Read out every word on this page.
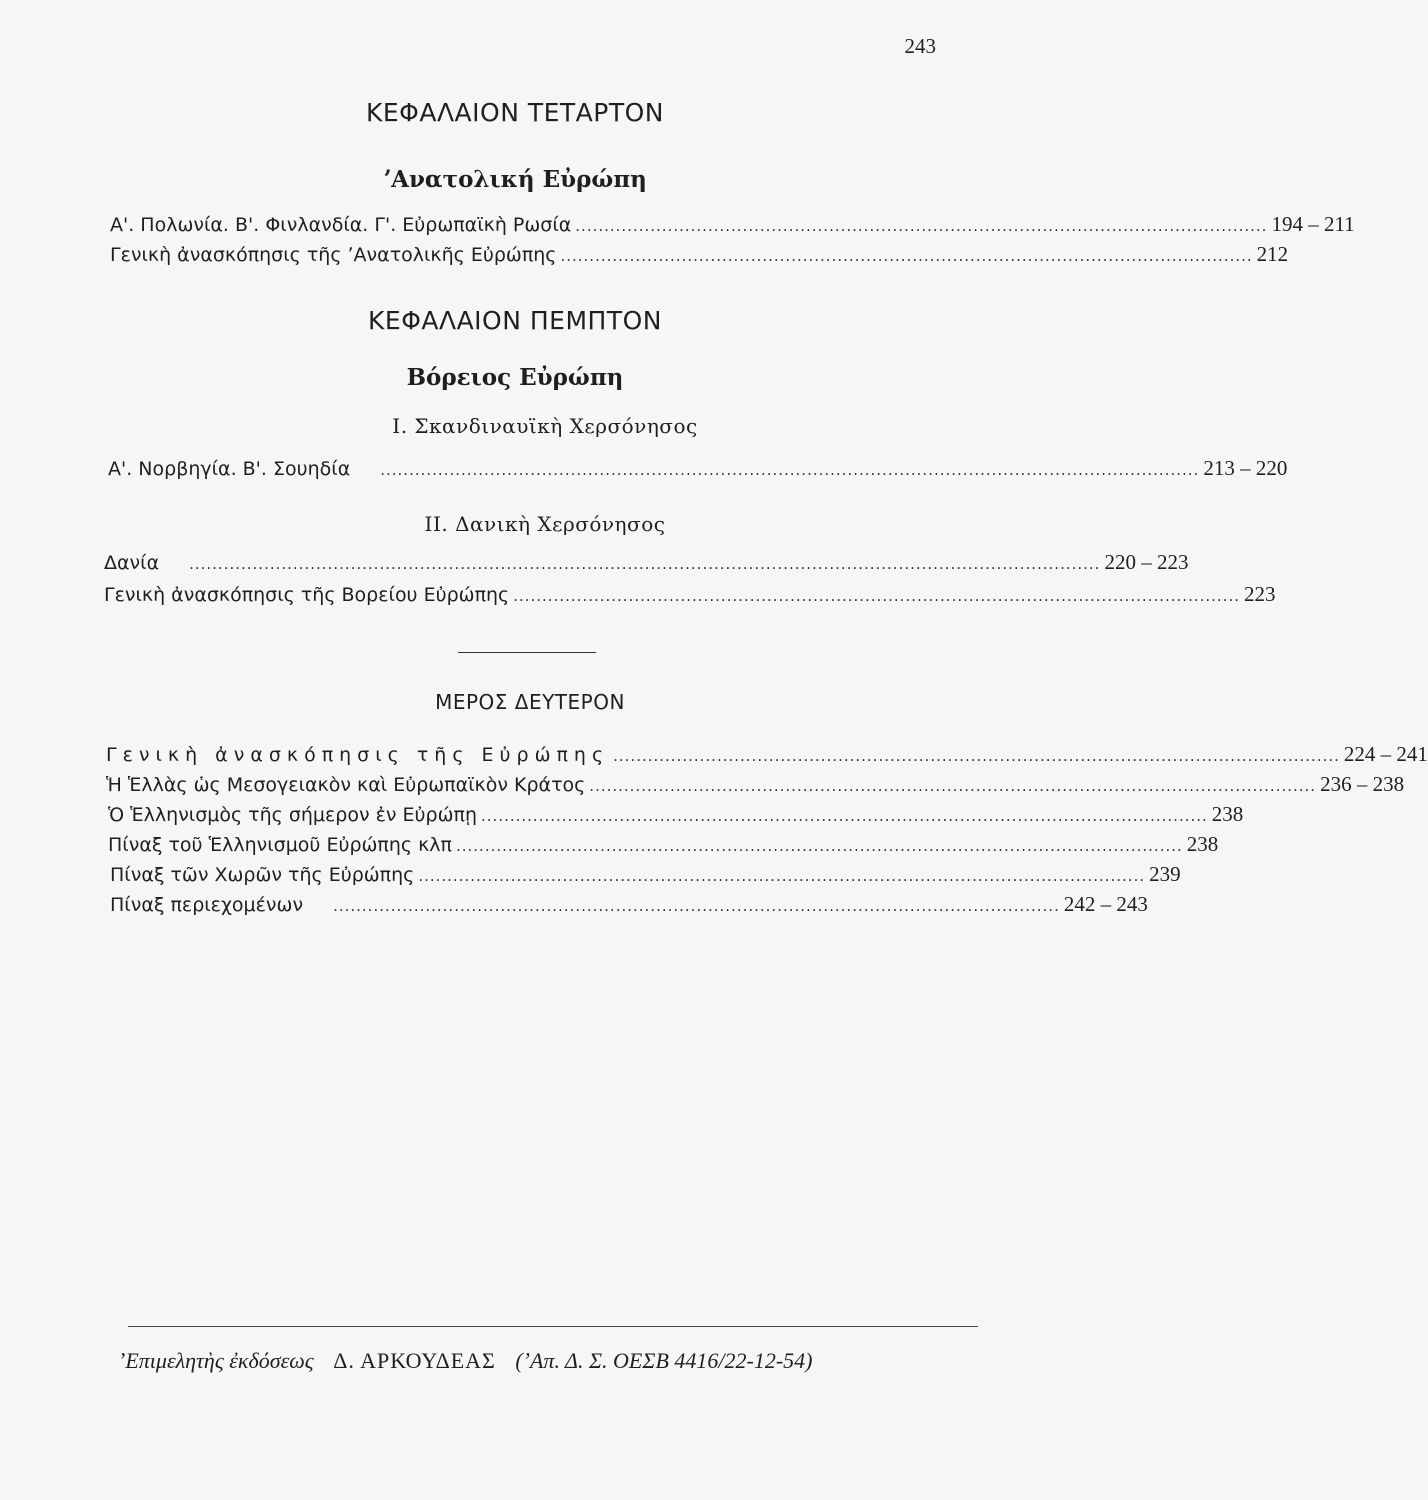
243
ΚΕΦΑΛΑΙΟΝ ΤΕΤΑΡΤΟΝ
ʼΑνατολική Εὐρώπη
Α'. Πολωνία. Β'. Φινλανδία. Γ'. Εὐρωπαϊκὴ Ρωσία ........................................................................................................................ 194 – 211
Γενικὴ ἀνασκόπησις τῆς ʼΑνατολικῆς Εὐρώπης ........................................................................................................................ 212
ΚΕΦΑΛΑΙΟΝ ΠΕΜΠΤΟΝ
Βόρειος Εὐρώπη
Ι. Σκανδιναυϊκὴ Χερσόνησος
Α'. Νορβηγία. Β'. Σουηδία .............................................................................................................................................. 213 – 220
ΙΙ. Δανικὴ Χερσόνησος
Δανία .............................................................................................................................................................. 220 – 223
Γενικὴ ἀνασκόπησις τῆς Βορείου Εὐρώπης .............................................................................................................................. 223
ΜΕΡΟΣ ΔΕΥΤΕΡΟΝ
Γενικὴ ἀνασκόπησις τῆς Εὐρώπης .............................................................................................................................. 224 – 241
Ἡ Ἑλλὰς ὡς Μεσογειακὸν καὶ Εὐρωπαϊκὸν Κράτος .............................................................................................................................. 236 – 238
Ὁ Ἑλληνισμὸς τῆς σήμερον ἐν Εὐρώπῃ .............................................................................................................................. 238
Πίναξ τοῦ Ἑλληνισμοῦ Εὐρώπης κλπ .............................................................................................................................. 238
Πίναξ τῶν Χωρῶν τῆς Εὐρώπης .............................................................................................................................. 239
Πίναξ περιεχομένων .............................................................................................................................. 242 – 243
ʼΕπιμελητὴς ἐκδόσεως Δ. ΑΡΚΟΥΔΕΑΣ (ʼΑπ. Δ. Σ. ΟΕΣΒ 4416/22-12-54)
